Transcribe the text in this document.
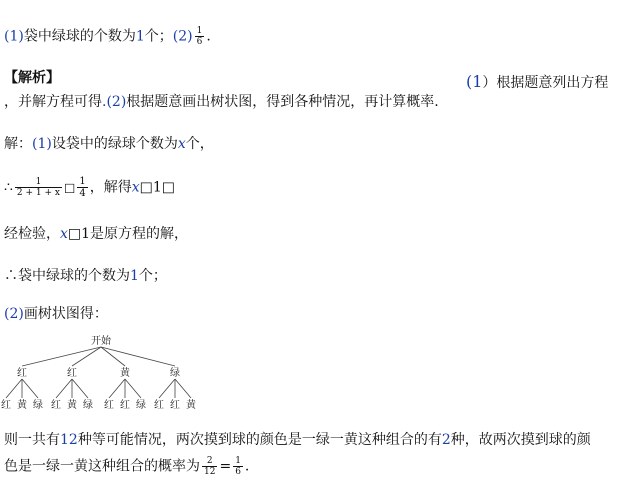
(1)袋中绿球的个数为1个；$(2) \frac{1}{6}$ .
【解析】	(1）根据题意列出方程
，并解方程可得.(2)根据题意画出树状图，得到各种情况，再计算概率.
解：(1)设袋中的绿球个数为x个，
∴ $\frac{1}{2 + 1 + x}$ □ $\frac{1}{4}$ ，解得x□1□
经检验，x□1是原方程的解，
∴袋中绿球的个数为1个；
(2)画树状图得：
开始
红
红 黄 绿
红
红 黄 绿
黄
红 红 绿
绿
红 红 黄
则一共有12种等可能情况，两次摸到球的颜色是一绿一黄这种组合的有2种，故两次摸到球的颜
色是一绿一黄这种组合的概率为 $\frac{2}{12} = \frac{1}{6}$ .
